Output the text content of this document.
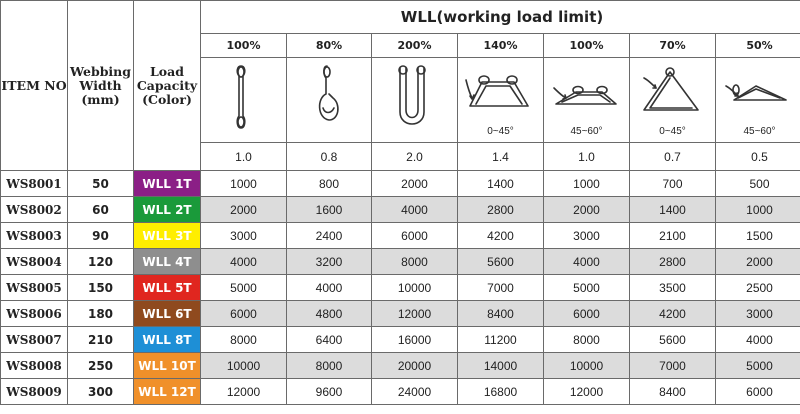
ITEM NO	Webbing Width (mm)	Load Capacity (Color)	WLL(working load limit)						
			100%	80%	200%	140%	100%	70%	50%

0~45°	45~60°	0~45°	45~60°

			1.0	0.8	2.0	1.4	1.0	0.7	0.5
WS8001	50	WLL 1T	1000	800	2000	1400	1000	700	500
WS8002	60	WLL 2T	2000	1600	4000	2800	2000	1400	1000
WS8003	90	WLL 3T	3000	2400	6000	4200	3000	2100	1500
WS8004	120	WLL 4T	4000	3200	8000	5600	4000	2800	2000
WS8005	150	WLL 5T	5000	4000	10000	7000	5000	3500	2500
WS8006	180	WLL 6T	6000	4800	12000	8400	6000	4200	3000
WS8007	210	WLL 8T	8000	6400	16000	11200	8000	5600	4000
WS8008	250	WLL 10T	10000	8000	20000	14000	10000	7000	5000
WS8009	300	WLL 12T	12000	9600	24000	16800	12000	8400	6000
